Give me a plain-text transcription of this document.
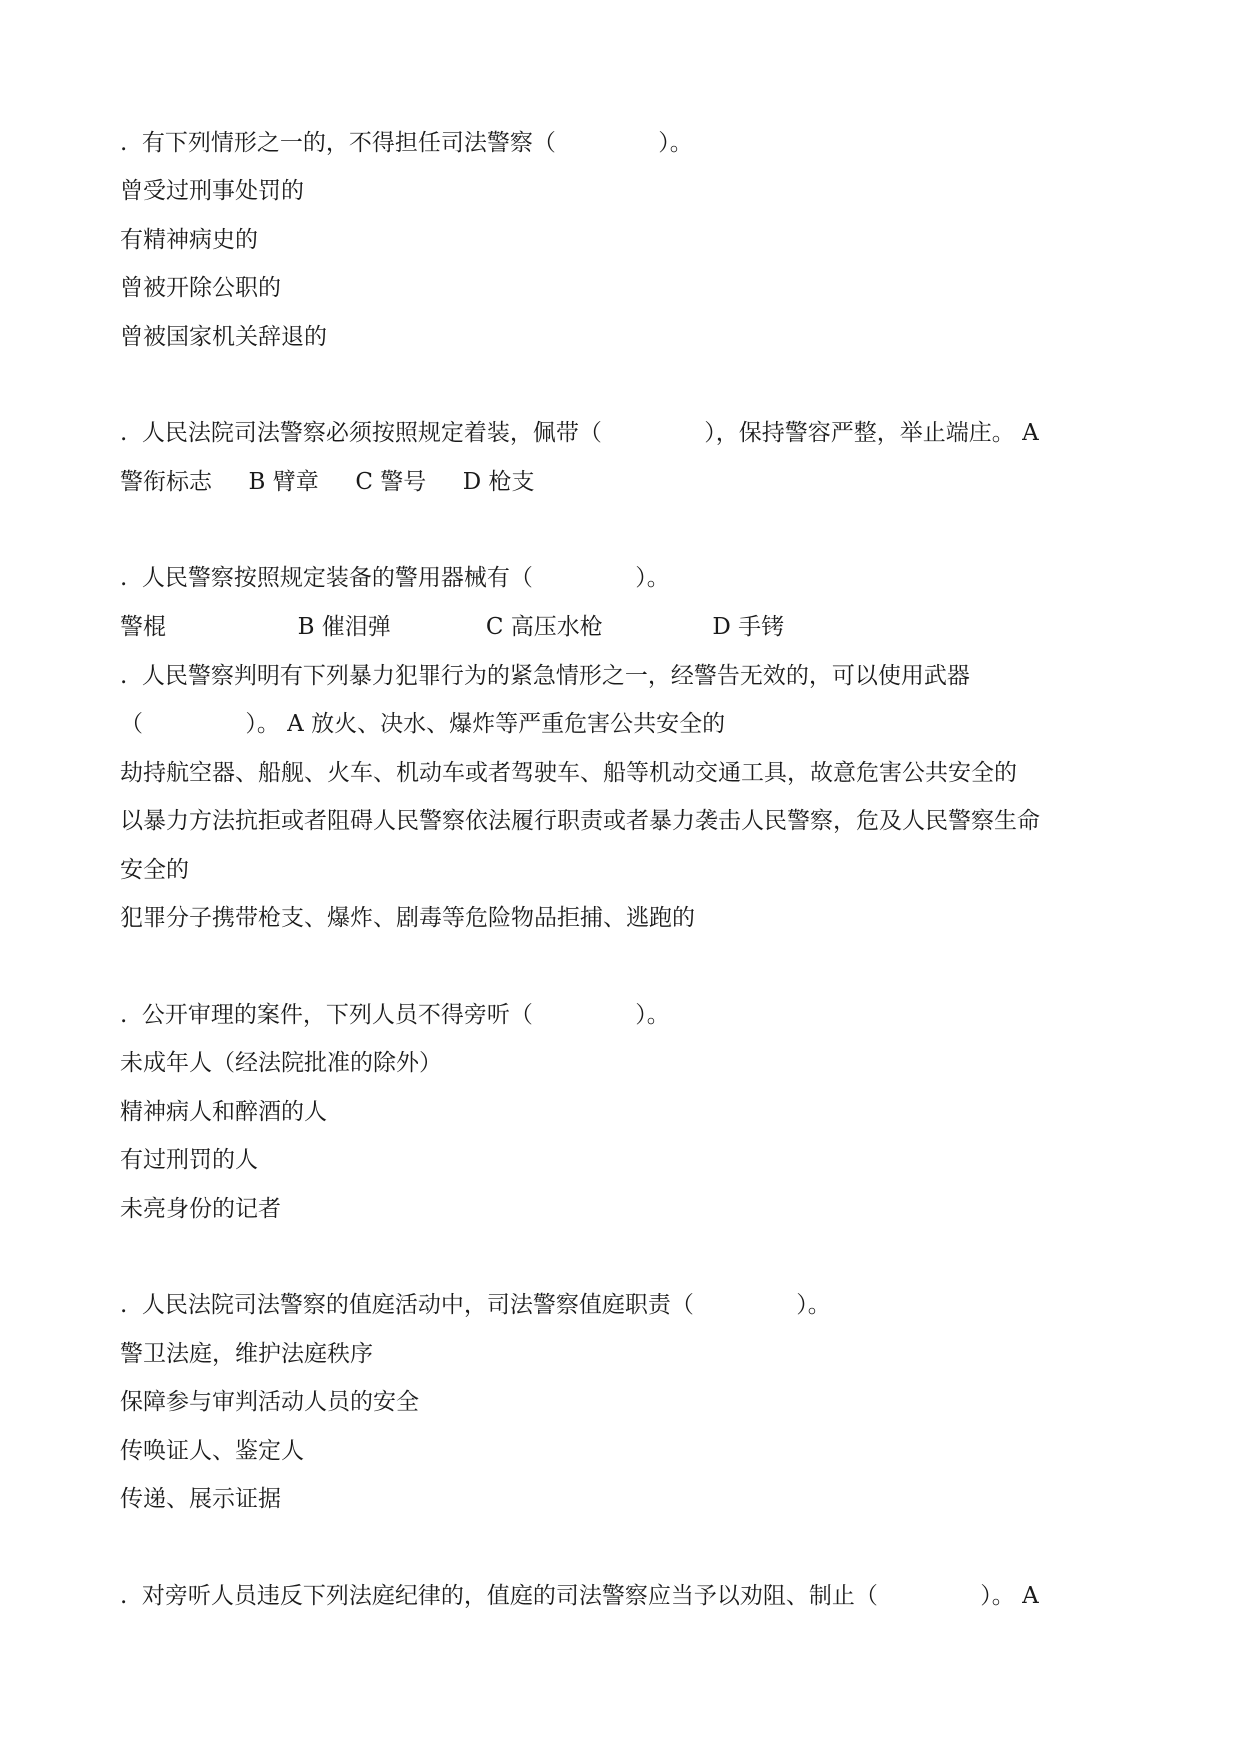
.  有下列情形之一的，不得担任司法警察（              ）。
曾受过刑事处罚的
有精神病史的
曾被开除公职的
曾被国家机关辞退的
.  人民法院司法警察必须按照规定着装，佩带（              ），保持警容严整，举止端庄。 A
警衔标志     B 臂章     C 警号     D 枪支
.  人民警察按照规定装备的警用器械有（              ）。
警棍                  B 催泪弹             C 高压水枪               D 手铐
.  人民警察判明有下列暴力犯罪行为的紧急情形之一，经警告无效的，可以使用武器
（              ）。 A 放火、决水、爆炸等严重危害公共安全的
劫持航空器、船舰、火车、机动车或者驾驶车、船等机动交通工具，故意危害公共安全的
以暴力方法抗拒或者阻碍人民警察依法履行职责或者暴力袭击人民警察，危及人民警察生命
安全的
犯罪分子携带枪支、爆炸、剧毒等危险物品拒捕、逃跑的
.  公开审理的案件，下列人员不得旁听（              ）。
未成年人（经法院批准的除外）
精神病人和醉酒的人
有过刑罚的人
未亮身份的记者
.  人民法院司法警察的值庭活动中，司法警察值庭职责（              ）。
警卫法庭，维护法庭秩序
保障参与审判活动人员的安全
传唤证人、鉴定人
传递、展示证据
.  对旁听人员违反下列法庭纪律的，值庭的司法警察应当予以劝阻、制止（              ）。 A
